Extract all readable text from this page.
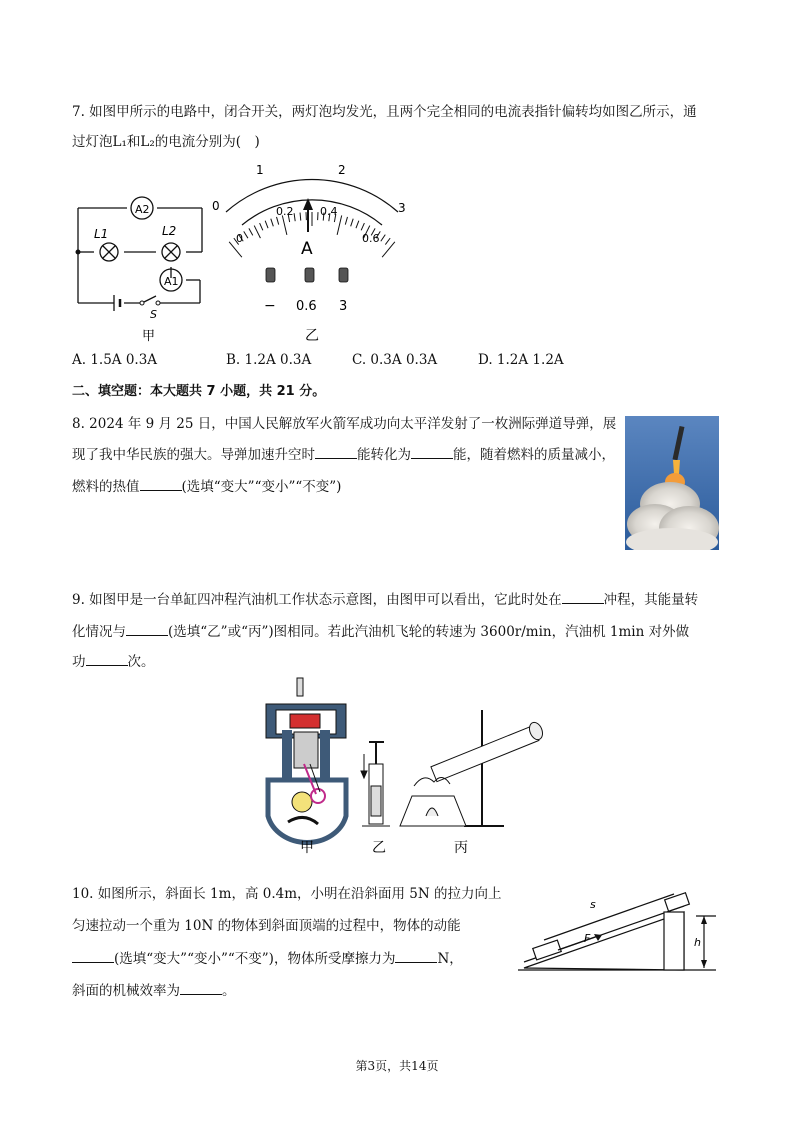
7. 如图甲所示的电路中，闭合开关，两灯泡均发光，且两个完全相同的电流表指针偏转均如图乙所示，通
过灯泡L₁和L₂的电流分别为(　)
A2
A1
L1	L2
S
甲
0
1	2
3
0
0.2 0.4
0.6
A
− 0.6 3
乙
A. 1.5A 0.3A	B. 1.2A 0.3A	C. 0.3A 0.3A	D. 1.2A 1.2A
二、填空题：本大题共 7 小题，共 21 分。
8. 2024 年 9 月 25 日，中国人民解放军火箭军成功向太平洋发射了一枚洲际弹道导弹，展
现了我中华民族的强大。导弹加速升空时	能转化为	能，随着燃料的质量减小，
燃料的热值	(选填“变大”“变小”“不变”)
9. 如图甲是一台单缸四冲程汽油机工作状态示意图，由图甲可以看出，它此时处在	冲程，其能量转
化情况与	(选填“乙”或“丙”)图相同。若此汽油机飞轮的转速为 3600r/min，汽油机 1min 对外做
功	次。
甲	乙	丙
10. 如图所示，斜面长 1m，高 0.4m，小明在沿斜面用 5N 的拉力向上
匀速拉动一个重为 10N 的物体到斜面顶端的过程中，物体的动能
(选填“变大”“变小”“不变”)，物体所受摩擦力为	N，
斜面的机械效率为	。
s
F	h
第3页，共14页
